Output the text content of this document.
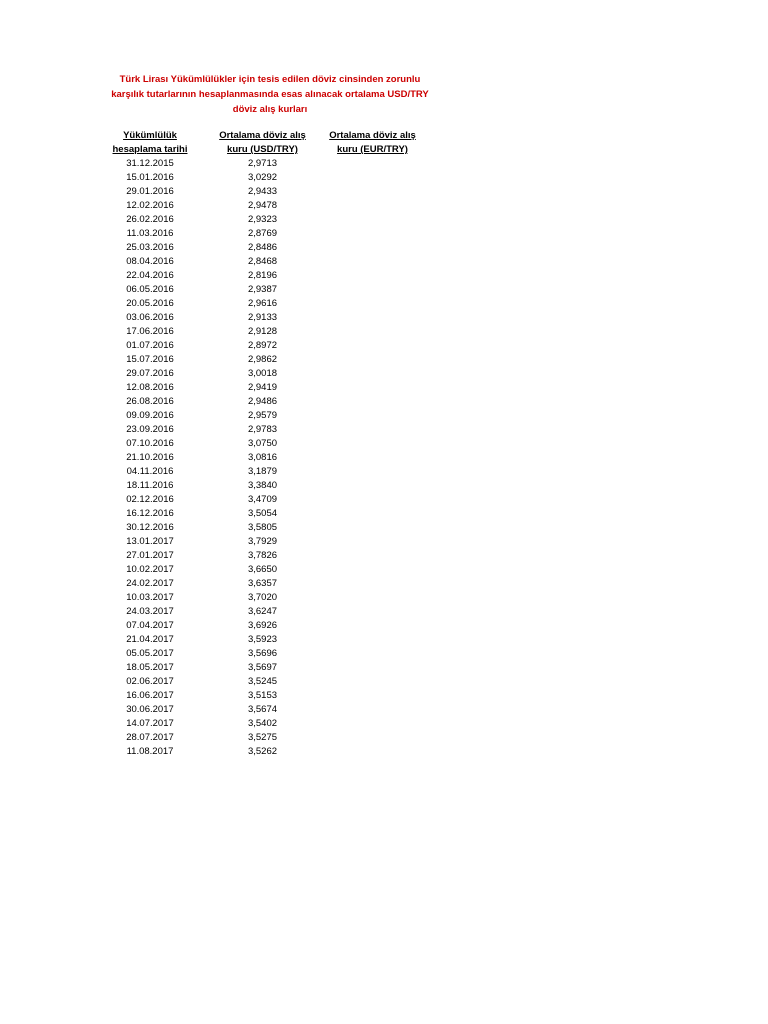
Türk Lirası Yükümlülükler için tesis edilen döviz cinsinden zorunlu
karşılık tutarlarının hesaplanmasında esas alınacak ortalama USD/TRY
döviz alış kurları
Yükümlülük
hesaplama tarihi
Ortalama döviz alış
kuru (USD/TRY)
Ortalama döviz alış
kuru (EUR/TRY)
31.12.2015	2,9713
15.01.2016	3,0292
29.01.2016	2,9433
12.02.2016	2,9478
26.02.2016	2,9323
11.03.2016	2,8769
25.03.2016	2,8486
08.04.2016	2,8468
22.04.2016	2,8196
06.05.2016	2,9387
20.05.2016	2,9616
03.06.2016	2,9133
17.06.2016	2,9128
01.07.2016	2,8972
15.07.2016	2,9862
29.07.2016	3,0018
12.08.2016	2,9419
26.08.2016	2,9486
09.09.2016	2,9579
23.09.2016	2,9783
07.10.2016	3,0750
21.10.2016	3,0816
04.11.2016	3,1879
18.11.2016	3,3840
02.12.2016	3,4709
16.12.2016	3,5054
30.12.2016	3,5805
13.01.2017	3,7929
27.01.2017	3,7826
10.02.2017	3,6650
24.02.2017	3,6357
10.03.2017	3,7020
24.03.2017	3,6247
07.04.2017	3,6926
21.04.2017	3,5923
05.05.2017	3,5696
18.05.2017	3,5697
02.06.2017	3,5245
16.06.2017	3,5153
30.06.2017	3,5674
14.07.2017	3,5402
28.07.2017	3,5275
11.08.2017	3,5262
